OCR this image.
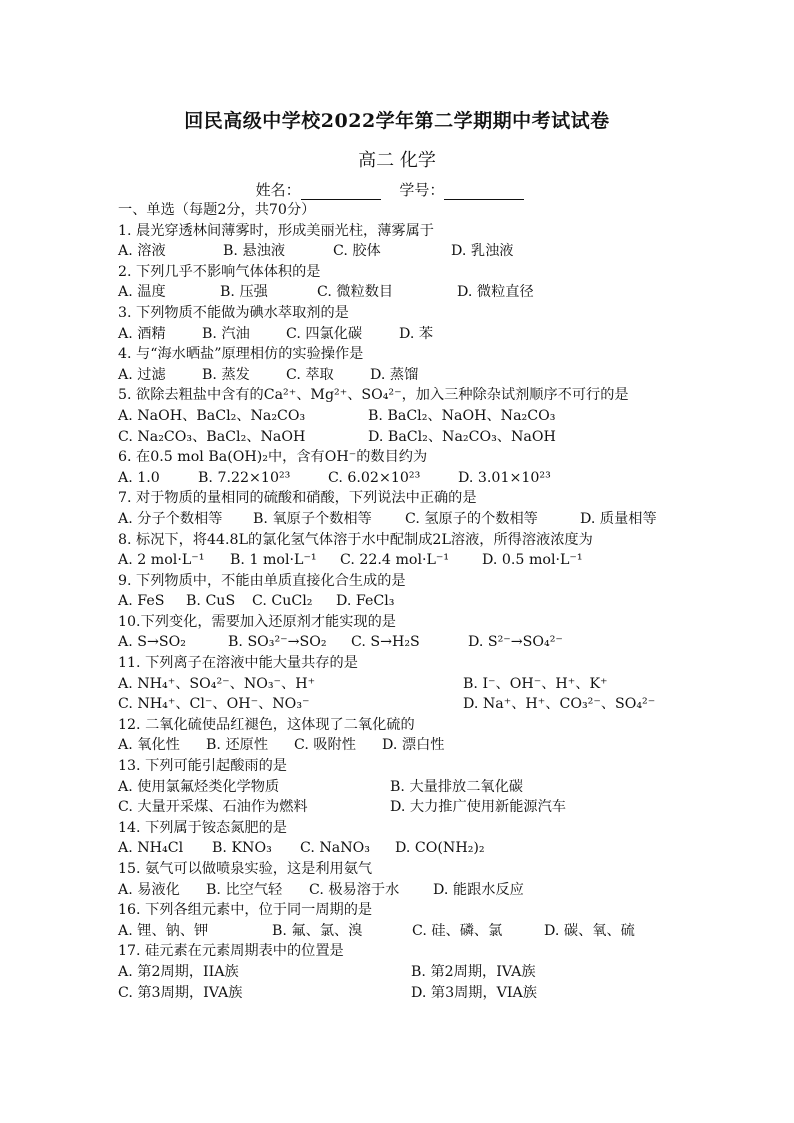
回民高级中学校2022学年第二学期期中考试试卷
高二 化学
姓名：	学号：
一、单选（每题2分，共70分）
1. 晨光穿透林间薄雾时，形成美丽光柱，薄雾属于
A. 溶液	B. 悬浊液	C. 胶体	D. 乳浊液
2. 下列几乎不影响气体体积的是
A. 温度	B. 压强	C. 微粒数目	D. 微粒直径
3. 下列物质不能做为碘水萃取剂的是
A. 酒精	B. 汽油	C. 四氯化碳	D. 苯
4. 与“海水晒盐”原理相仿的实验操作是
A. 过滤	B. 蒸发	C. 萃取	D. 蒸馏
5. 欲除去粗盐中含有的Ca²⁺、Mg²⁺、SO₄²⁻，加入三种除杂试剂顺序不可行的是
A. NaOH、BaCl₂、Na₂CO₃	B. BaCl₂、NaOH、Na₂CO₃
C. Na₂CO₃、BaCl₂、NaOH	D. BaCl₂、Na₂CO₃、NaOH
6. 在0.5 mol Ba(OH)₂中，含有OH⁻的数目约为
A. 1.0	B. 7.22×10²³	C. 6.02×10²³	D. 3.01×10²³
7. 对于物质的量相同的硫酸和硝酸，下列说法中正确的是
A. 分子个数相等 B. 氧原子个数相等 C. 氢原子的个数相等	D. 质量相等
8. 标况下，将44.8L的氯化氢气体溶于水中配制成2L溶液，所得溶液浓度为
A. 2 mol·L⁻¹ B. 1 mol·L⁻¹ C. 22.4 mol·L⁻¹ D. 0.5 mol·L⁻¹
9. 下列物质中，不能由单质直接化合生成的是
A. FeS B. CuS C. CuCl₂ D. FeCl₃
10.下列变化，需要加入还原剂才能实现的是
A. S→SO₂	B. SO₃²⁻→SO₂ C. S→H₂S	D. S²⁻→SO₄²⁻
11. 下列离子在溶液中能大量共存的是
A. NH₄⁺、SO₄²⁻、NO₃⁻、H⁺	B. I⁻、OH⁻、H⁺、K⁺
C. NH₄⁺、Cl⁻、OH⁻、NO₃⁻	D. Na⁺、H⁺、CO₃²⁻、SO₄²⁻
12. 二氧化硫使品红褪色，这体现了二氧化硫的
A. 氧化性 B. 还原性 C. 吸附性 D. 漂白性
13. 下列可能引起酸雨的是
A. 使用氯氟烃类化学物质	B. 大量排放二氧化碳
C. 大量开采煤、石油作为燃料	D. 大力推广使用新能源汽车
14. 下列属于铵态氮肥的是
A. NH₄Cl B. KNO₃ C. NaNO₃ D. CO(NH₂)₂
15. 氨气可以做喷泉实验，这是利用氨气
A. 易液化 B. 比空气轻 C. 极易溶于水 D. 能跟水反应
16. 下列各组元素中，位于同一周期的是
A. 锂、钠、钾	B. 氟、氯、溴	C. 硅、磷、氯	D. 碳、氧、硫
17. 硅元素在元素周期表中的位置是
A. 第2周期，IIA族	B. 第2周期，IVA族
C. 第3周期，IVA族	D. 第3周期，VIA族
